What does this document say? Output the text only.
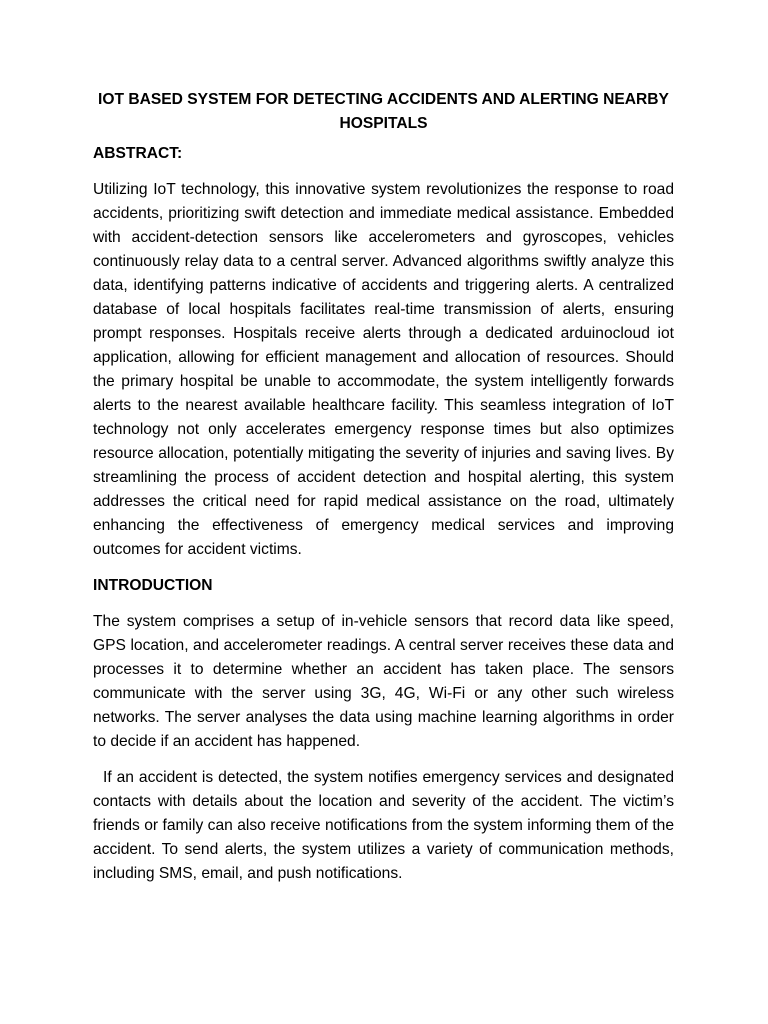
IOT BASED SYSTEM FOR DETECTING ACCIDENTS AND ALERTING NEARBY HOSPITALS
ABSTRACT:
Utilizing IoT technology, this innovative system revolutionizes the response to road accidents, prioritizing swift detection and immediate medical assistance. Embedded with accident-detection sensors like accelerometers and gyroscopes, vehicles continuously relay data to a central server. Advanced algorithms swiftly analyze this data, identifying patterns indicative of accidents and triggering alerts. A centralized database of local hospitals facilitates real-time transmission of alerts, ensuring prompt responses. Hospitals receive alerts through a dedicated arduinocloud iot application, allowing for efficient management and allocation of resources. Should the primary hospital be unable to accommodate, the system intelligently forwards alerts to the nearest available healthcare facility. This seamless integration of IoT technology not only accelerates emergency response times but also optimizes resource allocation, potentially mitigating the severity of injuries and saving lives. By streamlining the process of accident detection and hospital alerting, this system addresses the critical need for rapid medical assistance on the road, ultimately enhancing the effectiveness of emergency medical services and improving outcomes for accident victims.
INTRODUCTION
The system comprises a setup of in-vehicle sensors that record data like speed, GPS location, and accelerometer readings. A central server receives these data and processes it to determine whether an accident has taken place. The sensors communicate with the server using 3G, 4G, Wi-Fi or any other such wireless networks. The server analyses the data using machine learning algorithms in order to decide if an accident has happened.
If an accident is detected, the system notifies emergency services and designated contacts with details about the location and severity of the accident. The victim’s friends or family can also receive notifications from the system informing them of the accident. To send alerts, the system utilizes a variety of communication methods, including SMS, email, and push notifications.
